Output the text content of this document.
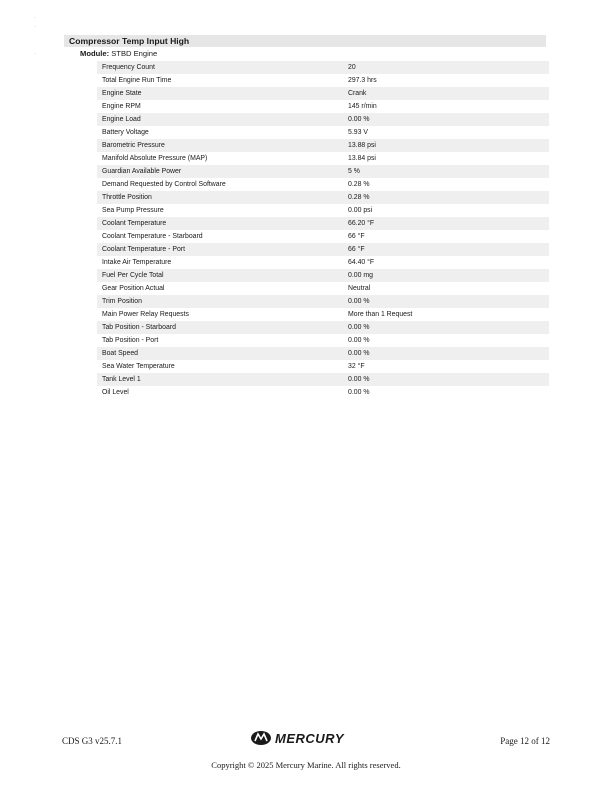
·
·

·
Compressor Temp Input High
Module: STBD Engine
Frequency Count	20
Total Engine Run Time	297.3 hrs
Engine State	Crank
Engine RPM	145 r/min
Engine Load	0.00 %
Battery Voltage	5.93 V
Barometric Pressure	13.88 psi
Manifold Absolute Pressure (MAP)	13.84 psi
Guardian Available Power	5 %
Demand Requested by Control Software	0.28 %
Throttle Position	0.28 %
Sea Pump Pressure	0.00 psi
Coolant Temperature	66.20 °F
Coolant Temperature - Starboard	66 °F
Coolant Temperature - Port	66 °F
Intake Air Temperature	64.40 °F
Fuel Per Cycle Total	0.00 mg
Gear Position Actual	Neutral
Trim Position	0.00 %
Main Power Relay Requests	More than 1 Request
Tab Position - Starboard	0.00 %
Tab Position - Port	0.00 %
Boat Speed	0.00 %
Sea Water Temperature	32 °F
Tank Level 1	0.00 %
Oil Level	0.00 %
CDS G3 v25.7.1	MERCURY	Page 12 of 12
Copyright © 2025 Mercury Marine. All rights reserved.
